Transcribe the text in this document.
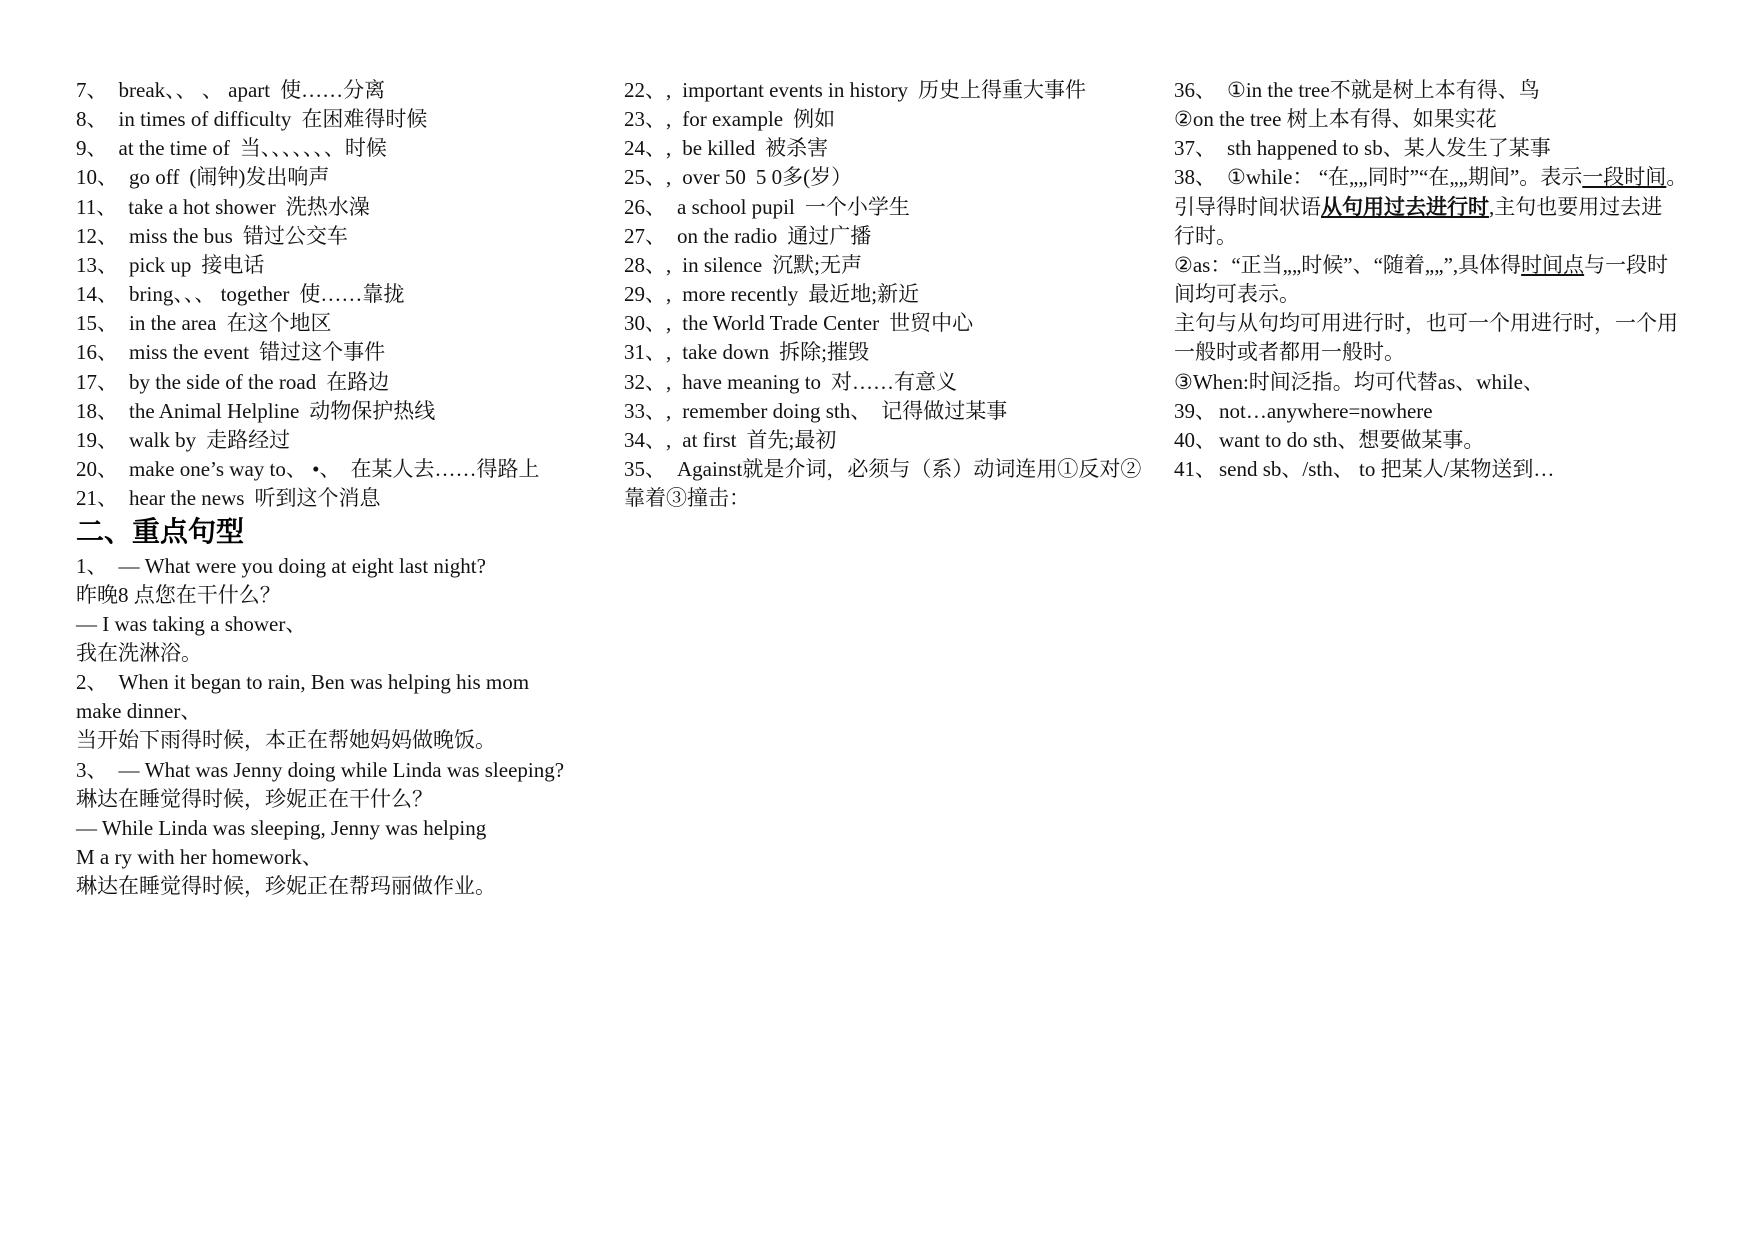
7、 break、、 、 apart 使……分离
8、 in times of difficulty 在困难得时候
9、 at the time of 当、、、、、、、时候
10、 go off (闹钟)发出响声
11、 take a hot shower 洗热水澡
12、 miss the bus 错过公交车
13、 pick up 接电话
14、 bring、、、 together 使……靠拢
15、 in the area 在这个地区
16、 miss the event 错过这个事件
17、 by the side of the road 在路边
18、 the Animal Helpline 动物保护热线
19、 walk by 走路经过
20、 make one’s way to、 •、 在某人去……得路上
21、 hear the news 听到这个消息
二、重点句型
1、 — What were you doing at eight last night?
昨晚8 点您在干什么？
— I was taking a shower、
我在洗淋浴。
2、 When it began to rain, Ben was helping his mom
make dinner、
当开始下雨得时候，本正在帮她妈妈做晚饭。
3、 — What was Jenny doing while Linda was sleeping?
琳达在睡觉得时候，珍妮正在干什么？
— While Linda was sleeping, Jenny was helping
M a ry with her homework、
琳达在睡觉得时候，珍妮正在帮玛丽做作业。
22、, important events in history 历史上得重大事件
23、, for example 例如
24、, be killed 被杀害
25、, over 50 5 0多(岁）
26、 a school pupil 一个小学生
27、 on the radio 通过广播
28、, in silence 沉默;无声
29、, more recently 最近地;新近
30、, the World Trade Center 世贸中心
31、, take down 拆除;摧毁
32、, have meaning to 对……有意义
33、, remember doing sth、 记得做过某事
34、, at first 首先;最初
35、 Against就是介词，必须与（系）动词连用①反对②
靠着③撞击：
36、 ①in the tree不就是树上本有得、鸟
②on the tree 树上本有得、如果实花
37、 sth happened to sb、某人发生了某事
38、 ①while： “在„„同时”“在„„期间”。表示一段时间。
引导得时间状语从句用过去进行时,主句也要用过去进
行时。
②as：“正当„„时候”、“随着„„”,具体得时间点与一段时
间均可表示。
主句与从句均可用进行时，也可一个用进行时，一个用
一般时或者都用一般时。
③When:时间泛指。均可代替as、while、
39、 not…anywhere=nowhere
40、 want to do sth、想要做某事。
41、 send sb、/sth、 to 把某人/某物送到…
